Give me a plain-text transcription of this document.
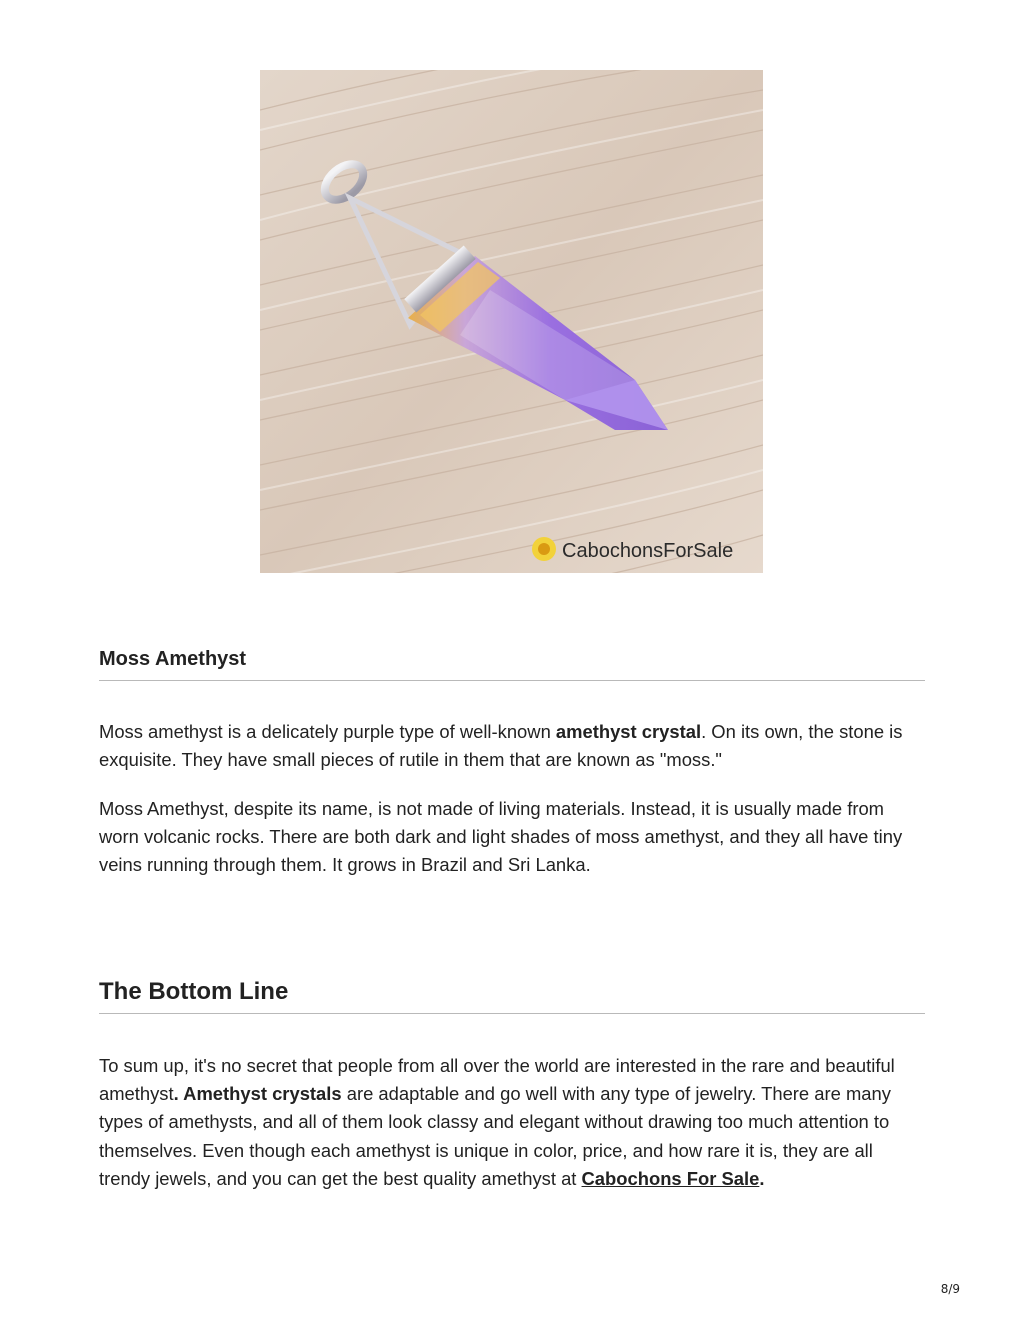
CabochonsForSale
Moss Amethyst

Moss amethyst is a delicately purple type of well-known amethyst crystal. On its own, the stone is exquisite. They have small pieces of rutile in them that are known as "moss."

Moss Amethyst, despite its name, is not made of living materials. Instead, it is usually made from worn volcanic rocks. There are both dark and light shades of moss amethyst, and they all have tiny veins running through them. It grows in Brazil and Sri Lanka.

The Bottom Line

To sum up, it's no secret that people from all over the world are interested in the rare and beautiful amethyst. Amethyst crystals are adaptable and go well with any type of jewelry. There are many types of amethysts, and all of them look classy and elegant without drawing too much attention to themselves. Even though each amethyst is unique in color, price, and how rare it is, they are all trendy jewels, and you can get the best quality amethyst at Cabochons For Sale.

8/9
